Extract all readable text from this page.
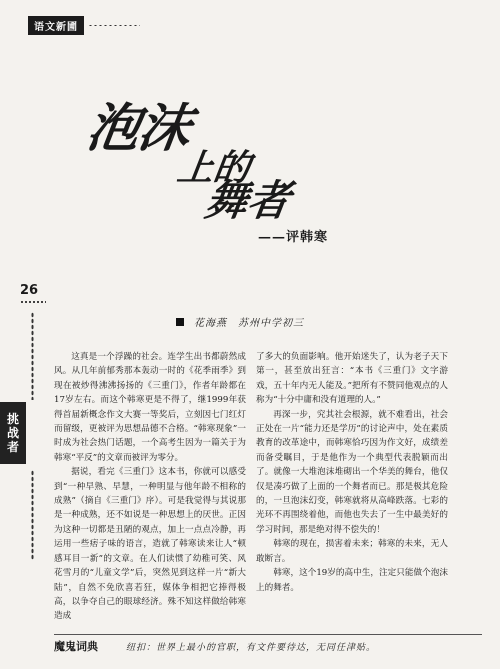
语文新圃
泡沫
上的
舞者
——评韩寒
26
挑战者
花海燕　苏州中学初三

这真是一个浮躁的社会。连学生出书都蔚然成风。从几年前郁秀那本轰动一时的《花季雨季》到现在被炒得沸沸扬扬的《三重门》，作者年龄都在17岁左右。而这个韩寒更是不得了，继1999年获得首届新概念作文大赛一等奖后，立刻因七门红灯而留级，更被评为思想品德不合格。“韩寒现象”一时成为社会热门话题，一个高考生因为一篇关于为韩寒“平反”的文章而被评为零分。

据说，看完《三重门》这本书，你就可以感受到“一种早熟、早慧，一种明显与他年龄不相称的成熟”（摘自《三重门》序）。可是我觉得与其说那是一种成熟，还不如说是一种思想上的厌世。正因为这种一切都是丑陋的观点，加上一点点冷静，再运用一些痞子味的语言，造就了韩寒读来让人“顿感耳目一新”的文章。在人们读惯了幼稚可笑、风花雪月的“儿童文学”后，突然见到这样一片“新大陆”，自然不免欣喜若狂，媒体争相把它捧得极高，以争夺自己的眼球经济。殊不知这样做给韩寒造成

了多大的负面影响。他开始迷失了，认为老子天下第一，甚至放出狂言：“本书《三重门》文字游戏，五十年内无人能及。”把所有不赞同他观点的人称为“十分中庸和没有道理的人。”

再深一步，究其社会根源，就不难看出，社会正处在一片“能力还是学历”的讨论声中，处在素质教育的改革途中，而韩寒恰巧因为作文好，成绩差而备受瞩目，于是他作为一个典型代表脱颖而出了。就像一大堆泡沫堆砌出一个华美的舞台，他仅仅是凑巧做了上面的一个舞者而已。那是极其危险的，一旦泡沫幻变，韩寒就将从高峰跌落。七彩的光环不再围绕着他，而他也失去了一生中最美好的学习时间，那是绝对得不偿失的！

韩寒的现在，损害着未来；韩寒的未来，无人敢断言。

韩寒，这个19岁的高中生，注定只能做个泡沫上的舞者。

魔鬼词典	纽扣：世界上最小的官职，有文件要待达，无同任津贴。
